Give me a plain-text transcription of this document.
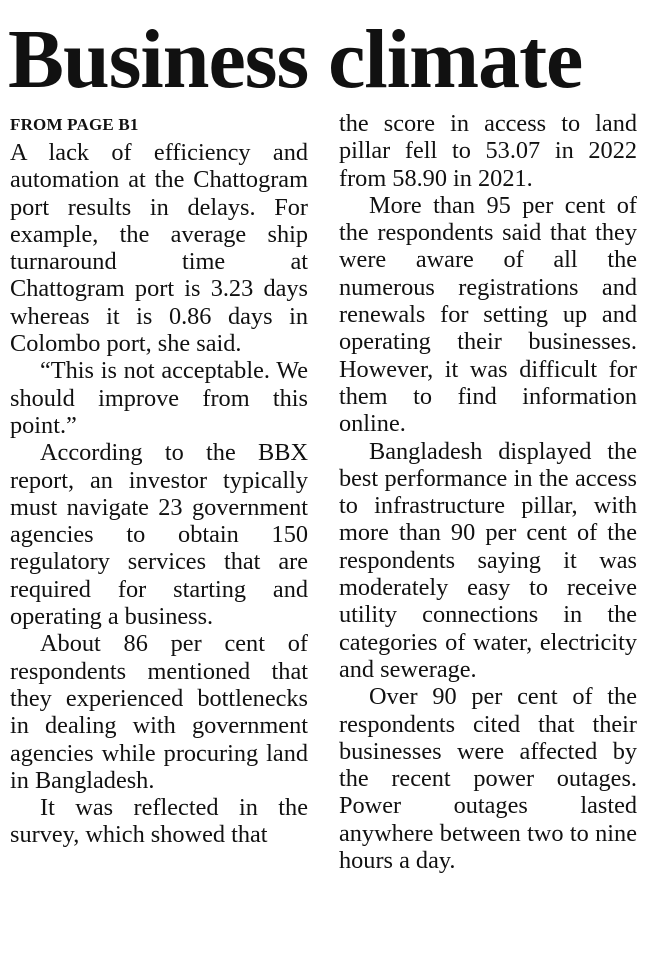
Business climate
FROM PAGE B1

A lack of efficiency and automation at the Chattogram port results in delays. For example, the average ship turnaround time at Chattogram port is 3.23 days whereas it is 0.86 days in Colombo port, she said.

“This is not acceptable. We should improve from this point.”

According to the BBX report, an investor typically must navigate 23 government agencies to obtain 150 regulatory services that are required for starting and operating a business.

About 86 per cent of respondents mentioned that they experienced bottlenecks in dealing with government agencies while procuring land in Bangladesh.

It was reflected in the survey, which showed that

the score in access to land pillar fell to 53.07 in 2022 from 58.90 in 2021.

More than 95 per cent of the respondents said that they were aware of all the numerous registrations and renewals for setting up and operating their businesses. However, it was difficult for them to find information online.

Bangladesh displayed the best performance in the access to infrastructure pillar, with more than 90 per cent of the respondents saying it was moderately easy to receive utility connections in the categories of water, electricity and sewerage.

Over 90 per cent of the respondents cited that their businesses were affected by the recent power outages. Power outages lasted anywhere between two to nine hours a day.
